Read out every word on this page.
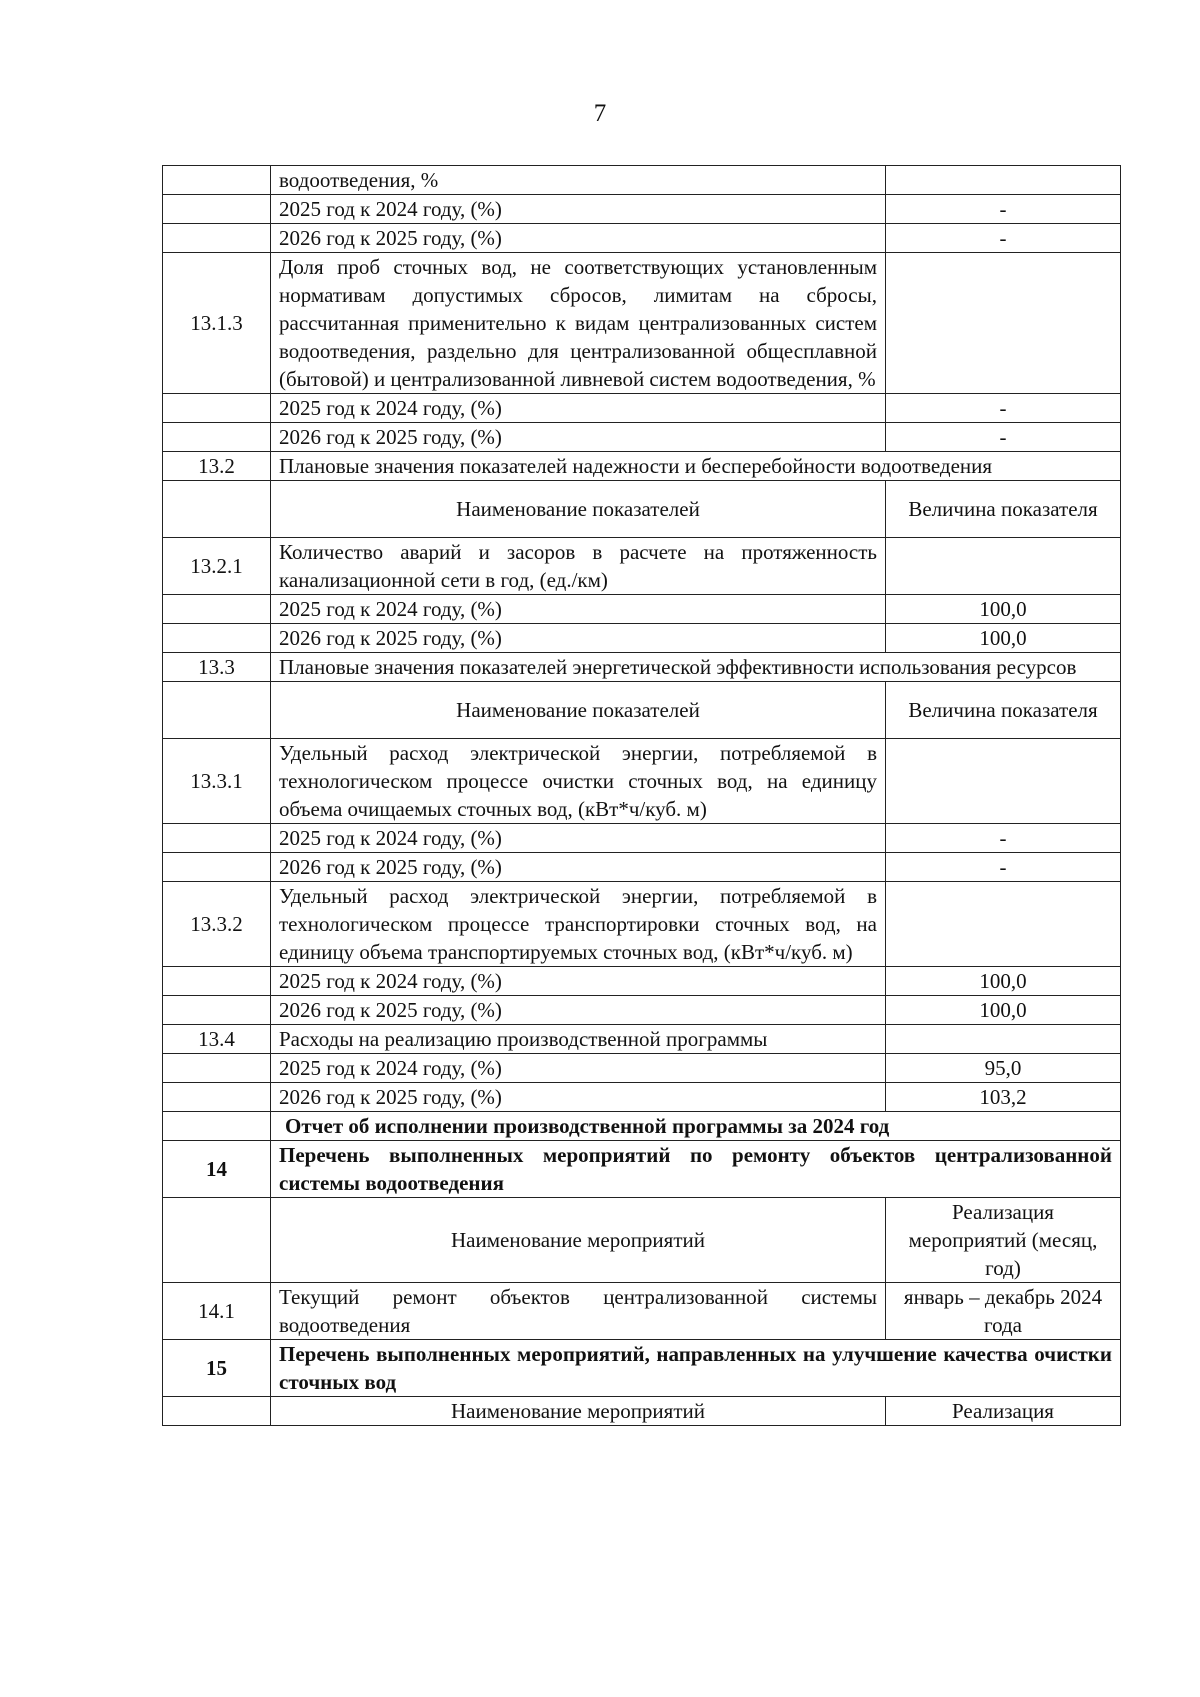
7
	водоотведения, %	
	2025 год к 2024 году, (%)	-
	2026 год к 2025 году, (%)	-
13.1.3	Доля проб сточных вод, не соответствующих установленным нормативам допустимых сбросов, лимитам на сбросы, рассчитанная применительно к видам централизованных систем водоотведения, раздельно для централизованной общесплавной (бытовой) и централизованной ливневой систем водоотведения, %	
	2025 год к 2024 году, (%)	-
	2026 год к 2025 году, (%)	-
13.2	Плановые значения показателей надежности и бесперебойности водоотведения	
	Наименование показателей	Величина показателя
13.2.1	Количество аварий и засоров в расчете на протяженность канализационной сети в год, (ед./км)	
	2025 год к 2024 году, (%)	100,0
	2026 год к 2025 году, (%)	100,0
13.3	Плановые значения показателей энергетической эффективности использования ресурсов	
	Наименование показателей	Величина показателя
13.3.1	Удельный расход электрической энергии, потребляемой в технологическом процессе очистки сточных вод, на единицу объема очищаемых сточных вод, (кВт*ч/куб. м)	
	2025 год к 2024 году, (%)	-
	2026 год к 2025 году, (%)	-
13.3.2	Удельный расход электрической энергии, потребляемой в технологическом процессе транспортировки сточных вод, на единицу объема транспортируемых сточных вод, (кВт*ч/куб. м)	
	2025 год к 2024 году, (%)	100,0
	2026 год к 2025 году, (%)	100,0
13.4	Расходы на реализацию производственной программы	
	2025 год к 2024 году, (%)	95,0
	2026 год к 2025 году, (%)	103,2
	Отчет об исполнении производственной программы за 2024 год	
14	Перечень выполненных мероприятий по ремонту объектов централизованной системы водоотведения	
	Наименование мероприятий	Реализация мероприятий (месяц, год)
14.1	Текущий ремонт объектов централизованной системы водоотведения	январь – декабрь 2024 года
15	Перечень выполненных мероприятий, направленных на улучшение качества очистки сточных вод	
	Наименование мероприятий	Реализация
